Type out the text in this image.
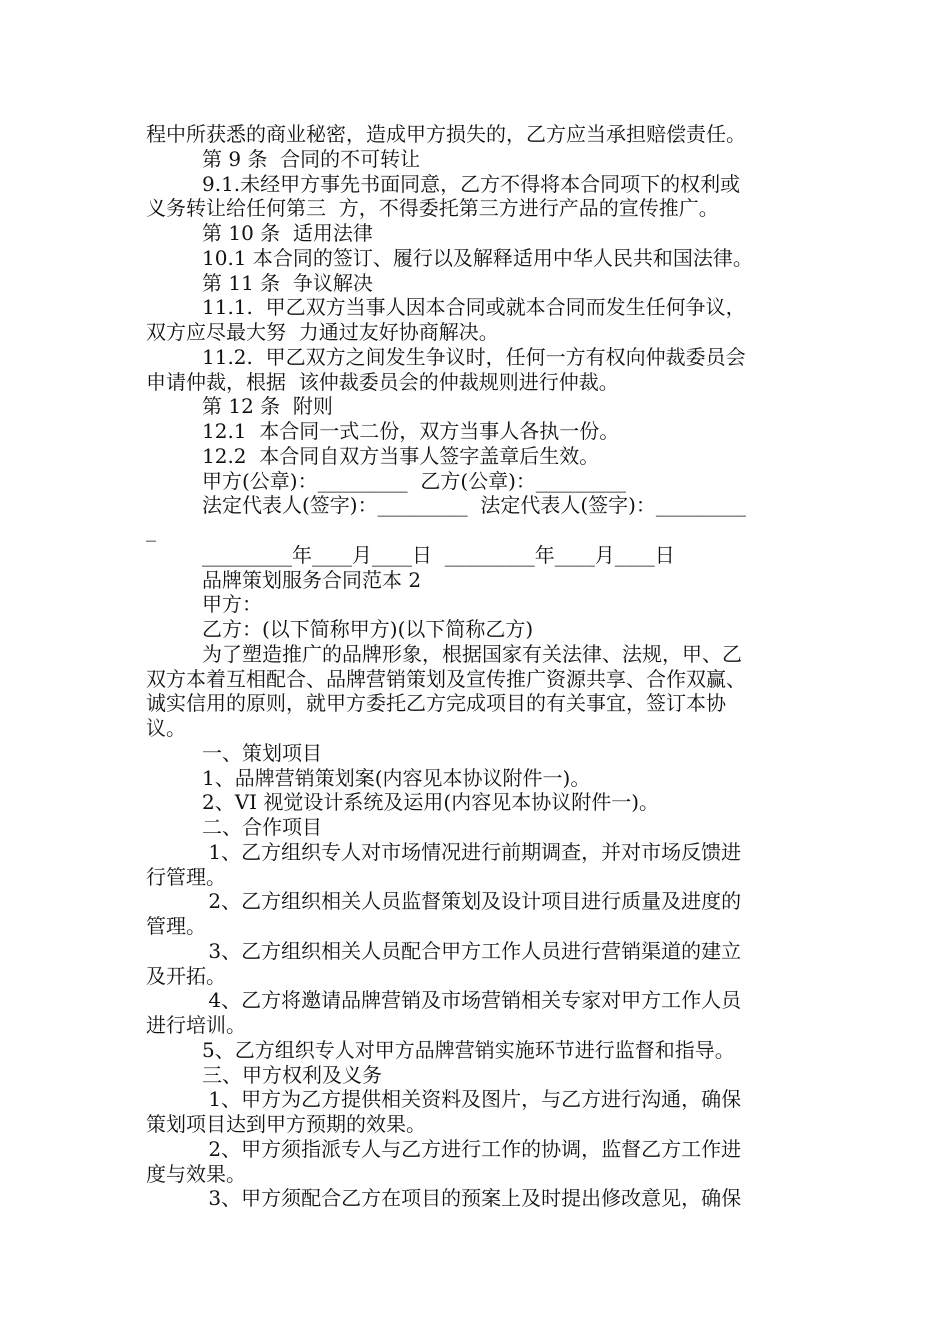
程中所获悉的商业秘密，造成甲方损失的，乙方应当承担赔偿责任。
第 9 条  合同的不可转让
9.1.未经甲方事先书面同意，乙方不得将本合同项下的权利或
义务转让给任何第三  方，不得委托第三方进行产品的宣传推广。
第 10 条  适用法律
10.1 本合同的签订、履行以及解释适用中华人民共和国法律。
第 11 条  争议解决
11.1.  甲乙双方当事人因本合同或就本合同而发生任何争议，
双方应尽最大努  力通过友好协商解决。
11.2.  甲乙双方之间发生争议时，任何一方有权向仲裁委员会
申请仲裁，根据  该仲裁委员会的仲裁规则进行仲裁。
第 12 条  附则
12.1  本合同一式二份，双方当事人各执一份。
12.2  本合同自双方当事人签字盖章后生效。
甲方(公章)：_________  乙方(公章)：_________
法定代表人(签字)：_________  法定代表人(签字)：_________
_
_________年____月____日  _________年____月____日
品牌策划服务合同范本 2
甲方：
乙方：(以下简称甲方)(以下简称乙方)
为了塑造推广的品牌形象，根据国家有关法律、法规，甲、乙
双方本着互相配合、品牌营销策划及宣传推广资源共享、合作双赢、
诚实信用的原则，就甲方委托乙方完成项目的有关事宜，签订本协
议。
一、策划项目
1、品牌营销策划案(内容见本协议附件一)。
2、VI 视觉设计系统及运用(内容见本协议附件一)。
二、合作项目
1、乙方组织专人对市场情况进行前期调查，并对市场反馈进
行管理。
2、乙方组织相关人员监督策划及设计项目进行质量及进度的
管理。
3、乙方组织相关人员配合甲方工作人员进行营销渠道的建立
及开拓。
4、乙方将邀请品牌营销及市场营销相关专家对甲方工作人员
进行培训。
5、乙方组织专人对甲方品牌营销实施环节进行监督和指导。
三、甲方权利及义务
1、甲方为乙方提供相关资料及图片，与乙方进行沟通，确保
策划项目达到甲方预期的效果。
2、甲方须指派专人与乙方进行工作的协调，监督乙方工作进
度与效果。
3、甲方须配合乙方在项目的预案上及时提出修改意见，确保
